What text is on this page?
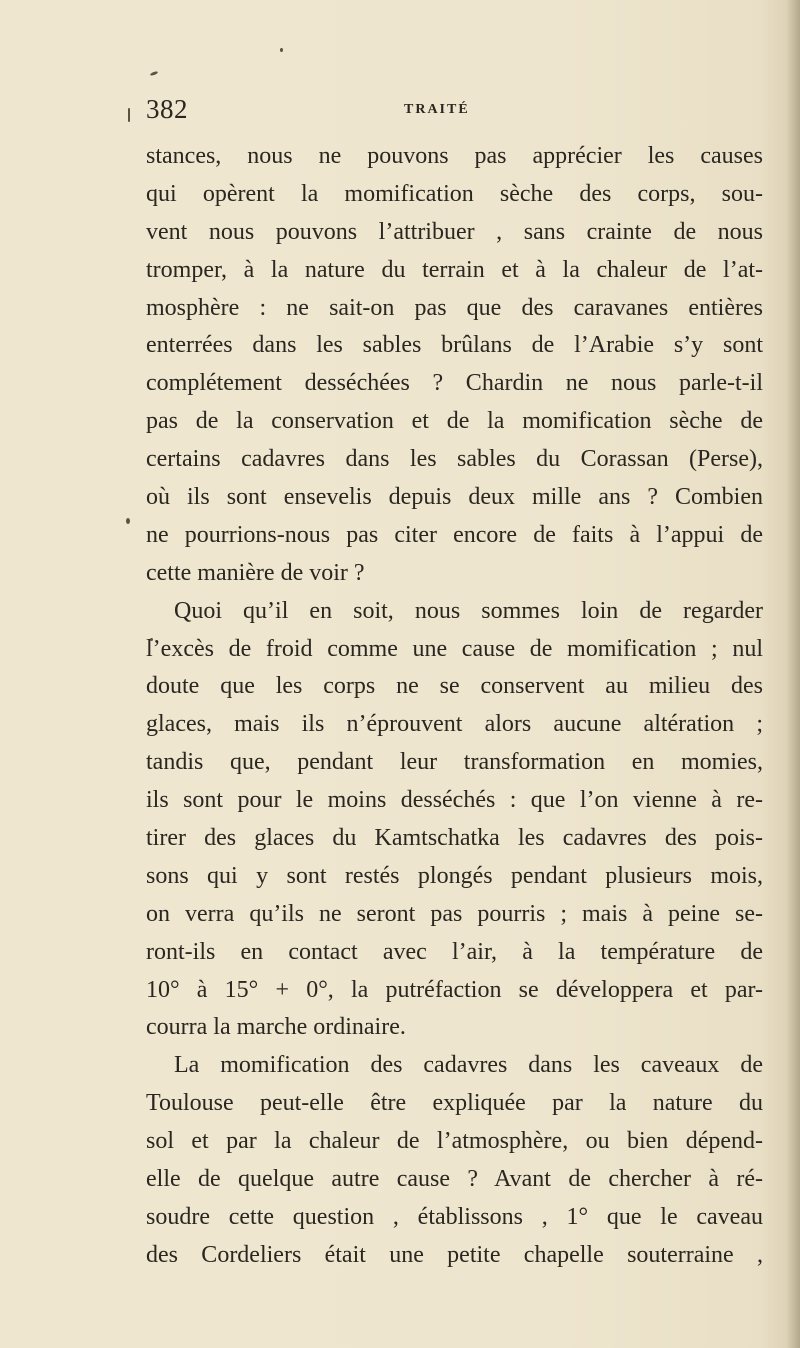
382	TRAITÉ
stances, nous ne pouvons pas apprécier les causes
qui opèrent la momification sèche des corps, sou-
vent nous pouvons l’attribuer , sans crainte de nous
tromper, à la nature du terrain et à la chaleur de l’at-
mosphère : ne sait-on pas que des caravanes entières
enterrées dans les sables brûlans de l’Arabie s’y sont
complétement desséchées ? Chardin ne nous parle-t-il
pas de la conservation et de la momification sèche de
certains cadavres dans les sables du Corassan (Perse),
où ils sont ensevelis depuis deux mille ans ? Combien
ne pourrions-nous pas citer encore de faits à l’appui de
cette manière de voir ?
Quoi qu’il en soit, nous sommes loin de regarder
l’excès de froid comme une cause de momification ; nul
doute que les corps ne se conservent au milieu des
glaces, mais ils n’éprouvent alors aucune altération ;
tandis que, pendant leur transformation en momies,
ils sont pour le moins desséchés : que l’on vienne à re-
tirer des glaces du Kamtschatka les cadavres des pois-
sons qui y sont restés plongés pendant plusieurs mois,
on verra qu’ils ne seront pas pourris ; mais à peine se-
ront-ils en contact avec l’air, à la température de
10° à 15° + 0°, la putréfaction se développera et par-
courra la marche ordinaire.
La momification des cadavres dans les caveaux de
Toulouse peut-elle être expliquée par la nature du
sol et par la chaleur de l’atmosphère, ou bien dépend-
elle de quelque autre cause ? Avant de chercher à ré-
soudre cette question , établissons , 1° que le caveau
des Cordeliers était une petite chapelle souterraine ,
